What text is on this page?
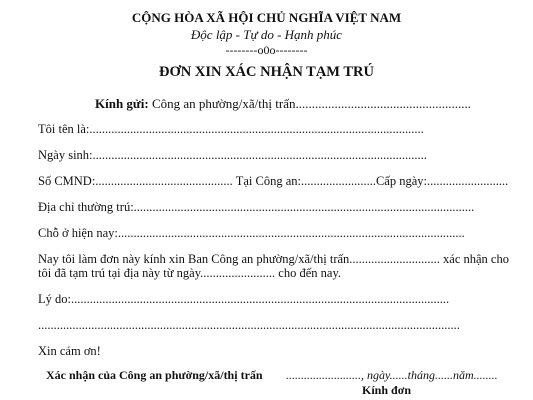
CỘNG HÒA XÃ HỘI CHỦ NGHĨA VIỆT NAM
Độc lập - Tự do - Hạnh phúc
--------o0o--------
ĐƠN XIN XÁC NHẬN TẠM TRÚ
Kính gửi: Công an phường/xã/thị trấn......................................................
Tôi tên là:...........................................................................................................
Ngày sinh:...........................................................................................................
Số CMND:............................................ Tại Công an:........................Cấp ngày:..........................
Địa chỉ thường trú:.............................................................................................................
Chỗ ở hiện nay:...............................................................................................................
Nay tôi làm đơn này kính xin Ban Công an phường/xã/thị trấn............................. xác nhận cho
tôi đã tạm trú tại địa này từ ngày........................ cho đến nay.
Lý do:.........................................................................................................................
.......................................................................................................................................
Xin cám ơn!
Xác nhận của Công an phường/xã/thị trấn ........................., ngày......tháng......năm........
Kính đơn
